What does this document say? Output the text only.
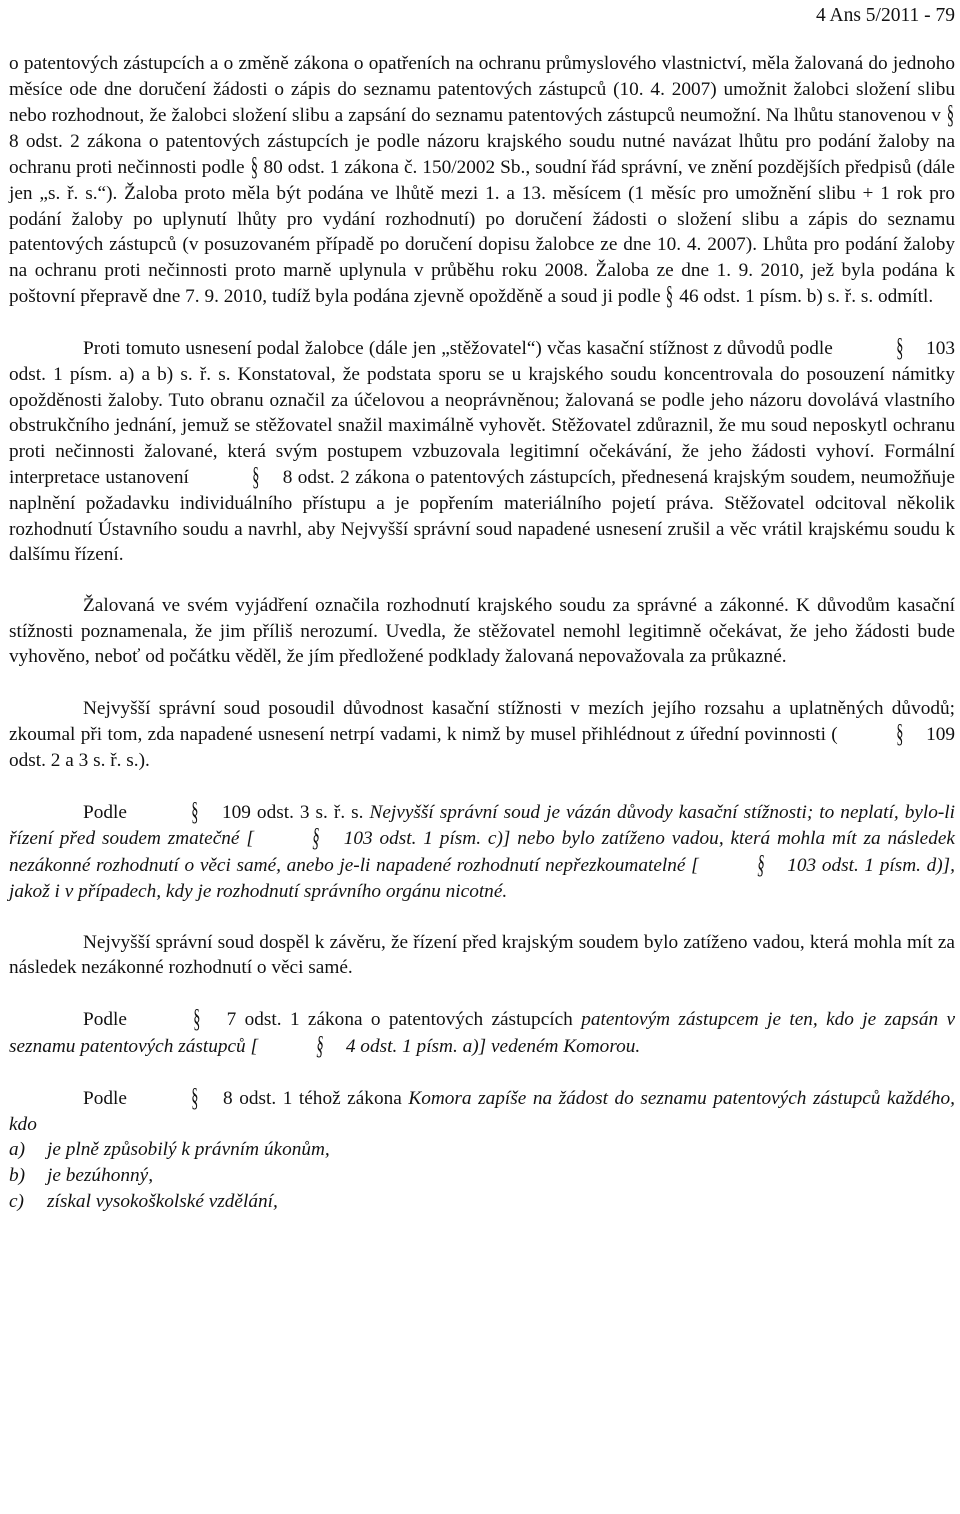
4 Ans 5/2011 - 79

o patentových zástupcích a o změně zákona o opatřeních na ochranu průmyslového vlastnictví, měla žalovaná do jednoho měsíce ode dne doručení žádosti o zápis do seznamu patentových zástupců (10. 4. 2007) umožnit žalobci složení slibu nebo rozhodnout, že žalobci složení slibu a zapsání do seznamu patentových zástupců neumožní. Na lhůtu stanovenou v § 8 odst. 2 zákona o patentových zástupcích je podle názoru krajského soudu nutné navázat lhůtu pro podání žaloby na ochranu proti nečinnosti podle § 80 odst. 1 zákona č. 150/2002 Sb., soudní řád správní, ve znění pozdějších předpisů (dále jen „s. ř. s.“). Žaloba proto měla být podána ve lhůtě mezi 1. a 13. měsícem (1 měsíc pro umožnění slibu + 1 rok pro podání žaloby po uplynutí lhůty pro vydání rozhodnutí) po doručení žádosti o složení slibu a zápis do seznamu patentových zástupců (v posuzovaném případě po doručení dopisu žalobce ze dne 10. 4. 2007). Lhůta pro podání žaloby na ochranu proti nečinnosti proto marně uplynula v průběhu roku 2008. Žaloba ze dne 1. 9. 2010, jež byla podána k poštovní přepravě dne 7. 9. 2010, tudíž byla podána zjevně opožděně a soud ji podle § 46 odst. 1 písm. b) s. ř. s. odmítl.

Proti tomuto usnesení podal žalobce (dále jen „stěžovatel“) včas kasační stížnost z důvodů podle § 103 odst. 1 písm. a) a b) s. ř. s. Konstatoval, že podstata sporu se u krajského soudu koncentrovala do posouzení námitky opožděnosti žaloby. Tuto obranu označil za účelovou a neoprávněnou; žalovaná se podle jeho názoru dovolává vlastního obstrukčního jednání, jemuž se stěžovatel snažil maximálně vyhovět. Stěžovatel zdůraznil, že mu soud neposkytl ochranu proti nečinnosti žalované, která svým postupem vzbuzovala legitimní očekávání, že jeho žádosti vyhoví. Formální interpretace ustanovení § 8 odst. 2 zákona o patentových zástupcích, přednesená krajským soudem, neumožňuje naplnění požadavku individuálního přístupu a je popřením materiálního pojetí práva. Stěžovatel odcitoval několik rozhodnutí Ústavního soudu a navrhl, aby Nejvyšší správní soud napadené usnesení zrušil a věc vrátil krajskému soudu k dalšímu řízení.

Žalovaná ve svém vyjádření označila rozhodnutí krajského soudu za správné a zákonné. K důvodům kasační stížnosti poznamenala, že jim příliš nerozumí. Uvedla, že stěžovatel nemohl legitimně očekávat, že jeho žádosti bude vyhověno, neboť od počátku věděl, že jím předložené podklady žalovaná nepovažovala za průkazné.

Nejvyšší správní soud posoudil důvodnost kasační stížnosti v mezích jejího rozsahu a uplatněných důvodů; zkoumal při tom, zda napadené usnesení netrpí vadami, k nimž by musel přihlédnout z úřední povinnosti ( § 109 odst. 2 a 3 s. ř. s.).

Podle § 109 odst. 3 s. ř. s. Nejvyšší správní soud je vázán důvody kasační stížnosti; to neplatí, bylo-li řízení před soudem zmatečné [ § 103 odst. 1 písm. c)] nebo bylo zatíženo vadou, která mohla mít za následek nezákonné rozhodnutí o věci samé, anebo je-li napadené rozhodnutí nepřezkoumatelné [ § 103 odst. 1 písm. d)], jakož i v případech, kdy je rozhodnutí správního orgánu nicotné.

Nejvyšší správní soud dospěl k závěru, že řízení před krajským soudem bylo zatíženo vadou, která mohla mít za následek nezákonné rozhodnutí o věci samé.

Podle	§ 7 odst. 1 zákona o patentových zástupcích patentovým zástupcem je ten, kdo je zapsán v seznamu patentových zástupců [ § 4 odst. 1 písm. a)] vedeném Komorou.

Podle § 8 odst. 1 téhož zákona Komora zapíše na žádost do seznamu patentových zástupců každého, kdo

a)	je plně způsobilý k právním úkonům,
b)	je bezúhonný,
c)	získal vysokoškolské vzdělání,
